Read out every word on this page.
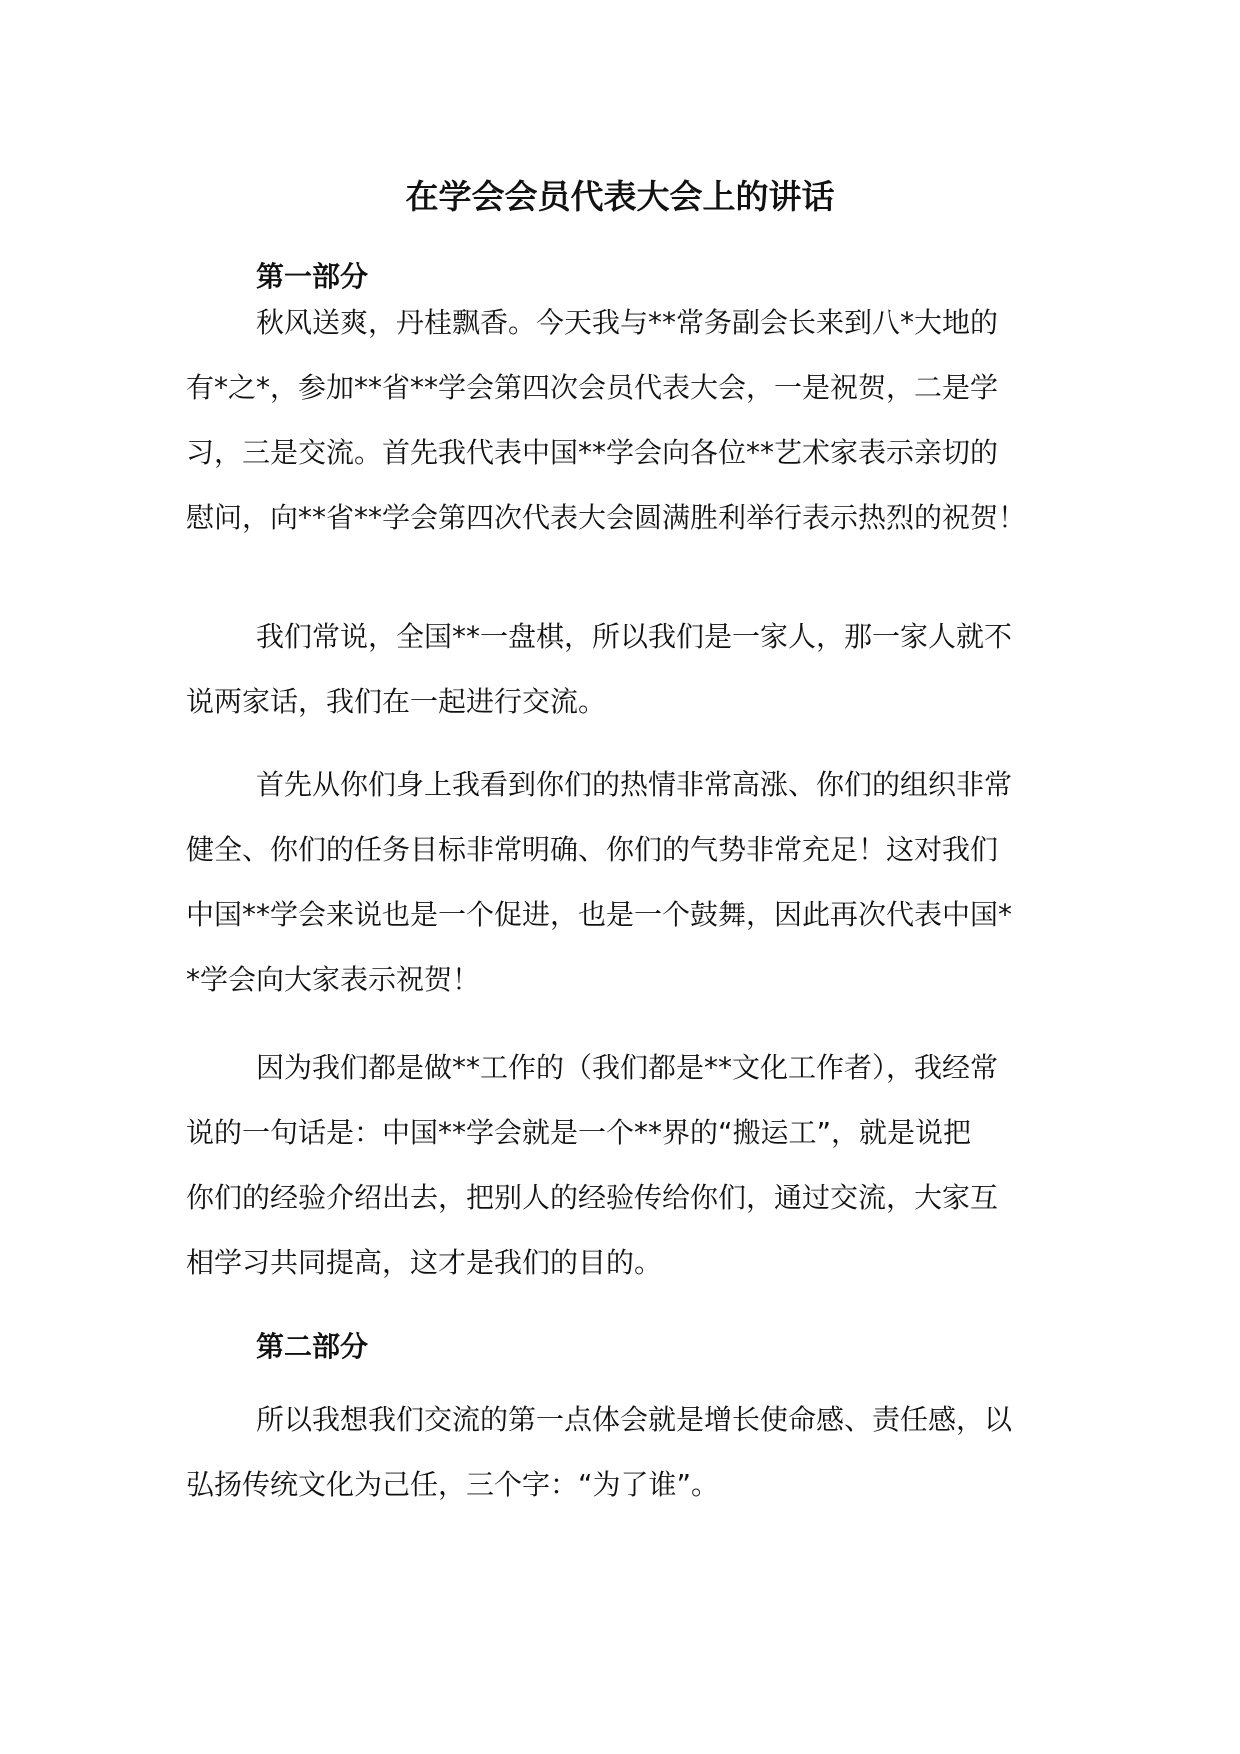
在学会会员代表大会上的讲话
第一部分
秋风送爽，丹桂飘香。今天我与**常务副会长来到八*大地的
有*之*，参加**省**学会第四次会员代表大会，一是祝贺，二是学
习，三是交流。首先我代表中国**学会向各位**艺术家表示亲切的
慰问，向**省**学会第四次代表大会圆满胜利举行表示热烈的祝贺！
我们常说，全国**一盘棋，所以我们是一家人，那一家人就不
说两家话，我们在一起进行交流。
首先从你们身上我看到你们的热情非常高涨、你们的组织非常
健全、你们的任务目标非常明确、你们的气势非常充足！这对我们
中国**学会来说也是一个促进，也是一个鼓舞，因此再次代表中国*
*学会向大家表示祝贺！
因为我们都是做**工作的（我们都是**文化工作者），我经常
说的一句话是：中国**学会就是一个**界的“搬运工”，就是说把
你们的经验介绍出去，把别人的经验传给你们，通过交流，大家互
相学习共同提高，这才是我们的目的。
第二部分
所以我想我们交流的第一点体会就是增长使命感、责任感，以
弘扬传统文化为己任，三个字：“为了谁”。
